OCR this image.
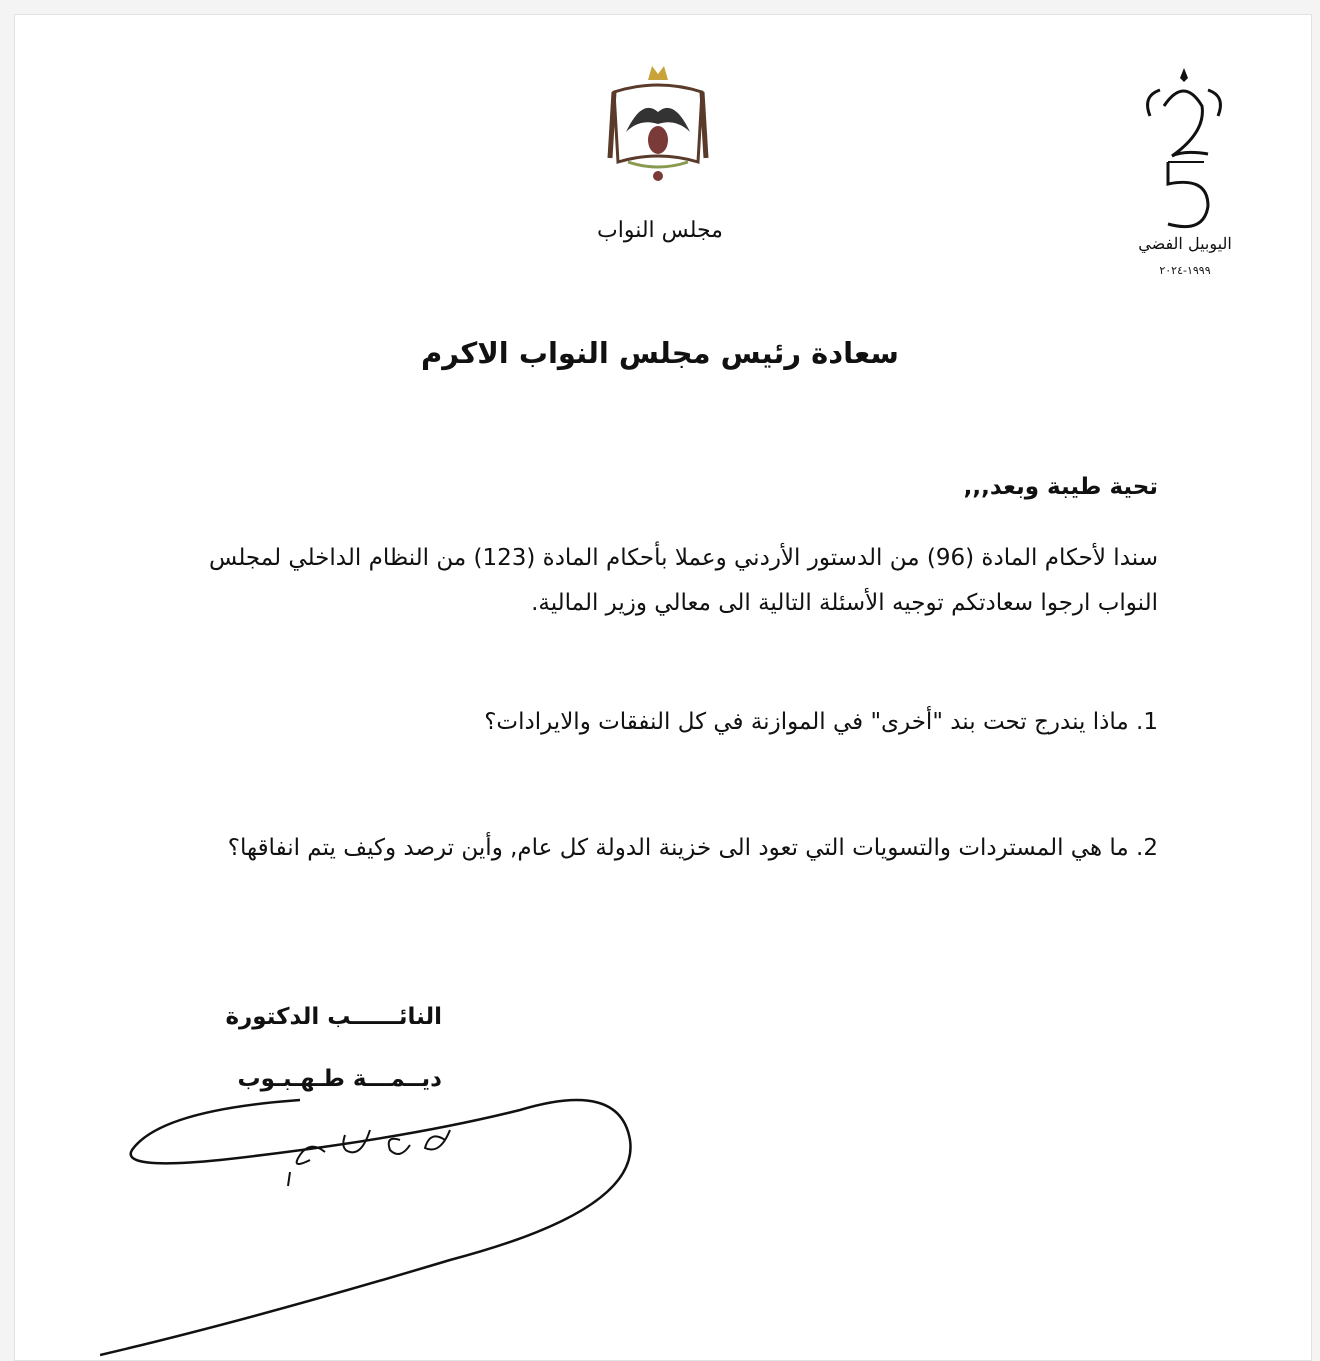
مجلس النواب
اليوبيل الفضي
١٩٩٩-٢٠٢٤
سعادة رئيس مجلس النواب الاكرم
تحية طيبة وبعد,,,
سندا لأحكام المادة (96) من الدستور الأردني وعملا بأحكام المادة (123) من النظام الداخلي لمجلس النواب ارجوا سعادتكم توجيه الأسئلة التالية الى معالي وزير المالية.
1. ماذا يندرج تحت بند "أخرى" في الموازنة في كل النفقات والايرادات؟
2. ما هي المستردات والتسويات التي تعود الى خزينة الدولة كل عام, وأين ترصد وكيف يتم انفاقها؟
النائــــــب الدكتورة
ديــمـــة طـهـبـوب
